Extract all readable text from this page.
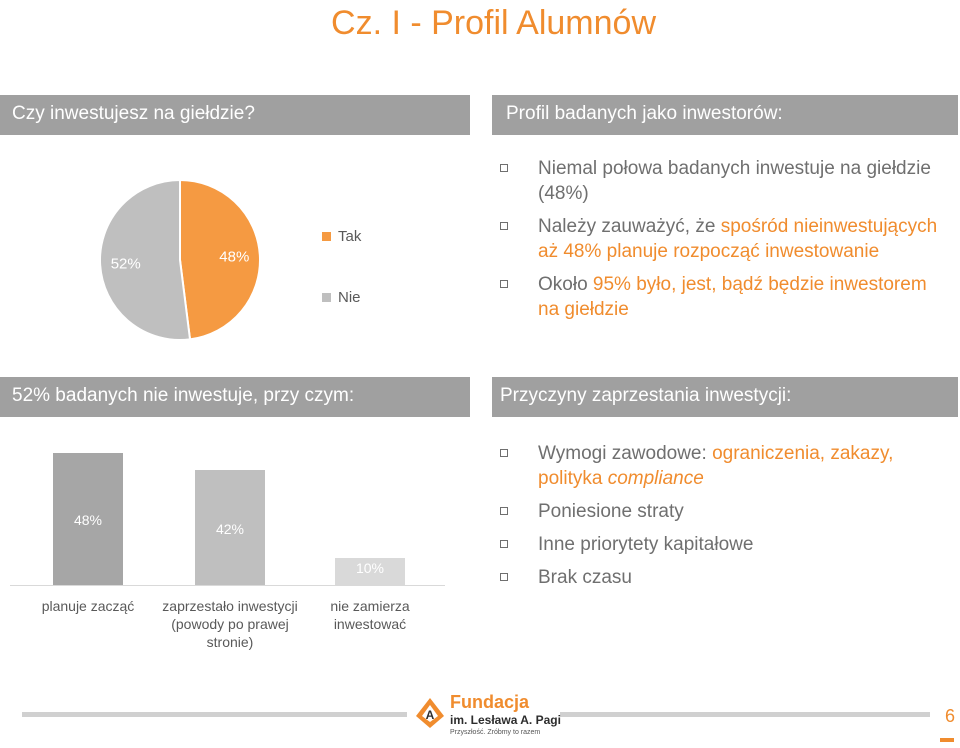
Cz. I - Profil Alumnów
Czy inwestujesz na giełdzie?	Profil badanych jako inwestorów:
48%
52%
Tak
Nie
Niemal połowa badanych inwestuje na giełdzie (48%)
Należy zauważyć, że spośród nieinwestujących aż 48% planuje rozpocząć inwestowanie
Około 95% było, jest, bądź będzie inwestorem na giełdzie
52% badanych nie inwestuje, przy czym:	Przyczyny zaprzestania inwestycji:
48%
planuje zacząć
42%
zaprzestało inwestycji (powody po prawej stronie)
10%
nie zamierza inwestować
Wymogi zawodowe: ograniczenia, zakazy, polityka compliance
Poniesione straty
Inne priorytety kapitałowe
Brak czasu
A
Fundacja
im. Lesława A. Pagi
Przyszłość. Zróbmy to razem
6
